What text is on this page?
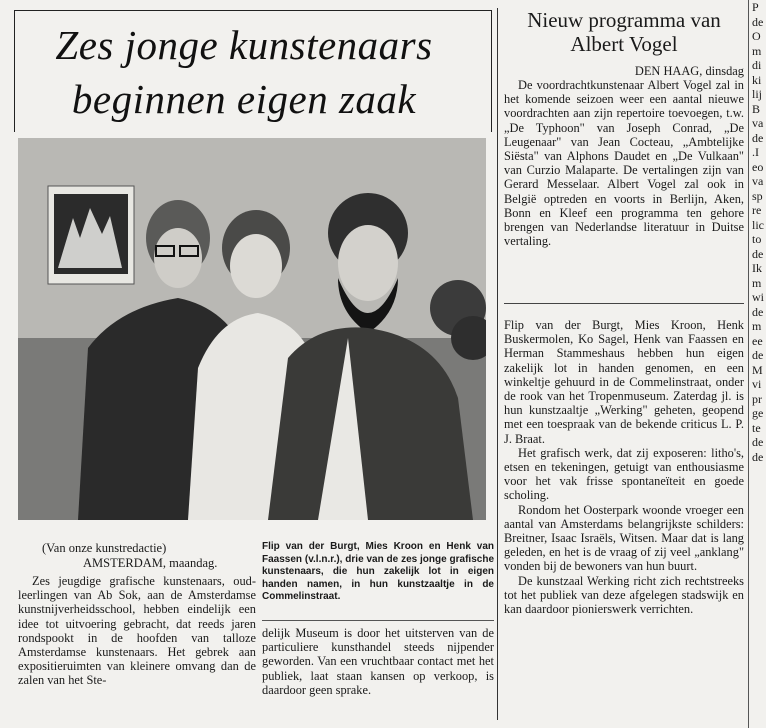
Zes jonge kunstenaars
beginnen eigen zaak
(Van onze kunstredactie)
AMSTERDAM, maandag.

Zes jeugdige grafische kunstenaars, oud-leerlingen van Ab Sok, aan de Amsterdamse kunstnijverheidsschool, hebben eindelijk een idee tot uitvoering gebracht, dat reeds jaren rondspookt in de hoofden van talloze Amsterdamse kunstenaars. Het gebrek aan expositieruimten van kleinere omvang dan de zalen van het Ste-

Flip van der Burgt, Mies Kroon en Henk van Faassen (v.l.n.r.), drie van de zes jonge grafische kunstenaars, die hun zakelijk lot in eigen handen namen, in hun kunstzaaltje in de Commelinstraat.

delijk Museum is door het uitsterven van de particuliere kunsthandel steeds nijpender geworden. Van een vruchtbaar contact met het publiek, laat staan kansen op verkoop, is daardoor geen sprake.

Nieuw programma van
Albert Vogel
DEN HAAG, dinsdag

De voordrachtkunstenaar Albert Vogel zal in het komende seizoen weer een aantal nieuwe voordrachten aan zijn repertoire toevoegen, t.w. „De Typhoon" van Joseph Conrad, „De Leugenaar" van Jean Cocteau, „Ambtelijke Siësta" van Alphons Daudet en „De Vulkaan" van Curzio Malaparte. De vertalingen zijn van Gerard Messelaar. Albert Vogel zal ook in België optreden en voorts in Berlijn, Aken, Bonn en Kleef een programma ten gehore brengen van Nederlandse literatuur in Duitse vertaling.

Flip van der Burgt, Mies Kroon, Henk Buskermolen, Ko Sagel, Henk van Faassen en Herman Stammeshaus hebben hun eigen zakelijk lot in handen genomen, en een winkeltje gehuurd in de Commelinstraat, onder de rook van het Tropenmuseum. Zaterdag jl. is hun kunstzaaltje „Werking" geheten, geopend met een toespraak van de bekende criticus L. P. J. Braat.

Het grafisch werk, dat zij exposeren: litho's, etsen en tekeningen, getuigt van enthousiasme voor het vak frisse spontaneïteit en goede scholing.

Rondom het Oosterpark woonde vroeger een aantal van Amsterdams belangrijkste schilders: Breitner, Isaac Israëls, Witsen. Maar dat is lang geleden, en het is de vraag of zij veel „anklang" vonden bij de bewoners van hun buurt.

De kunstzaal Werking richt zich rechtstreeks tot het publiek van deze afgelegen stadswijk en kan daardoor pionierswerk verrichten.

P
de
O
m
di
ki
lij
B
va
de
.I
eo
va
sp
re
lic
to
de
Ik
m
wi
de
m
ee
de
M
vi
pr
ge
te
de
de
